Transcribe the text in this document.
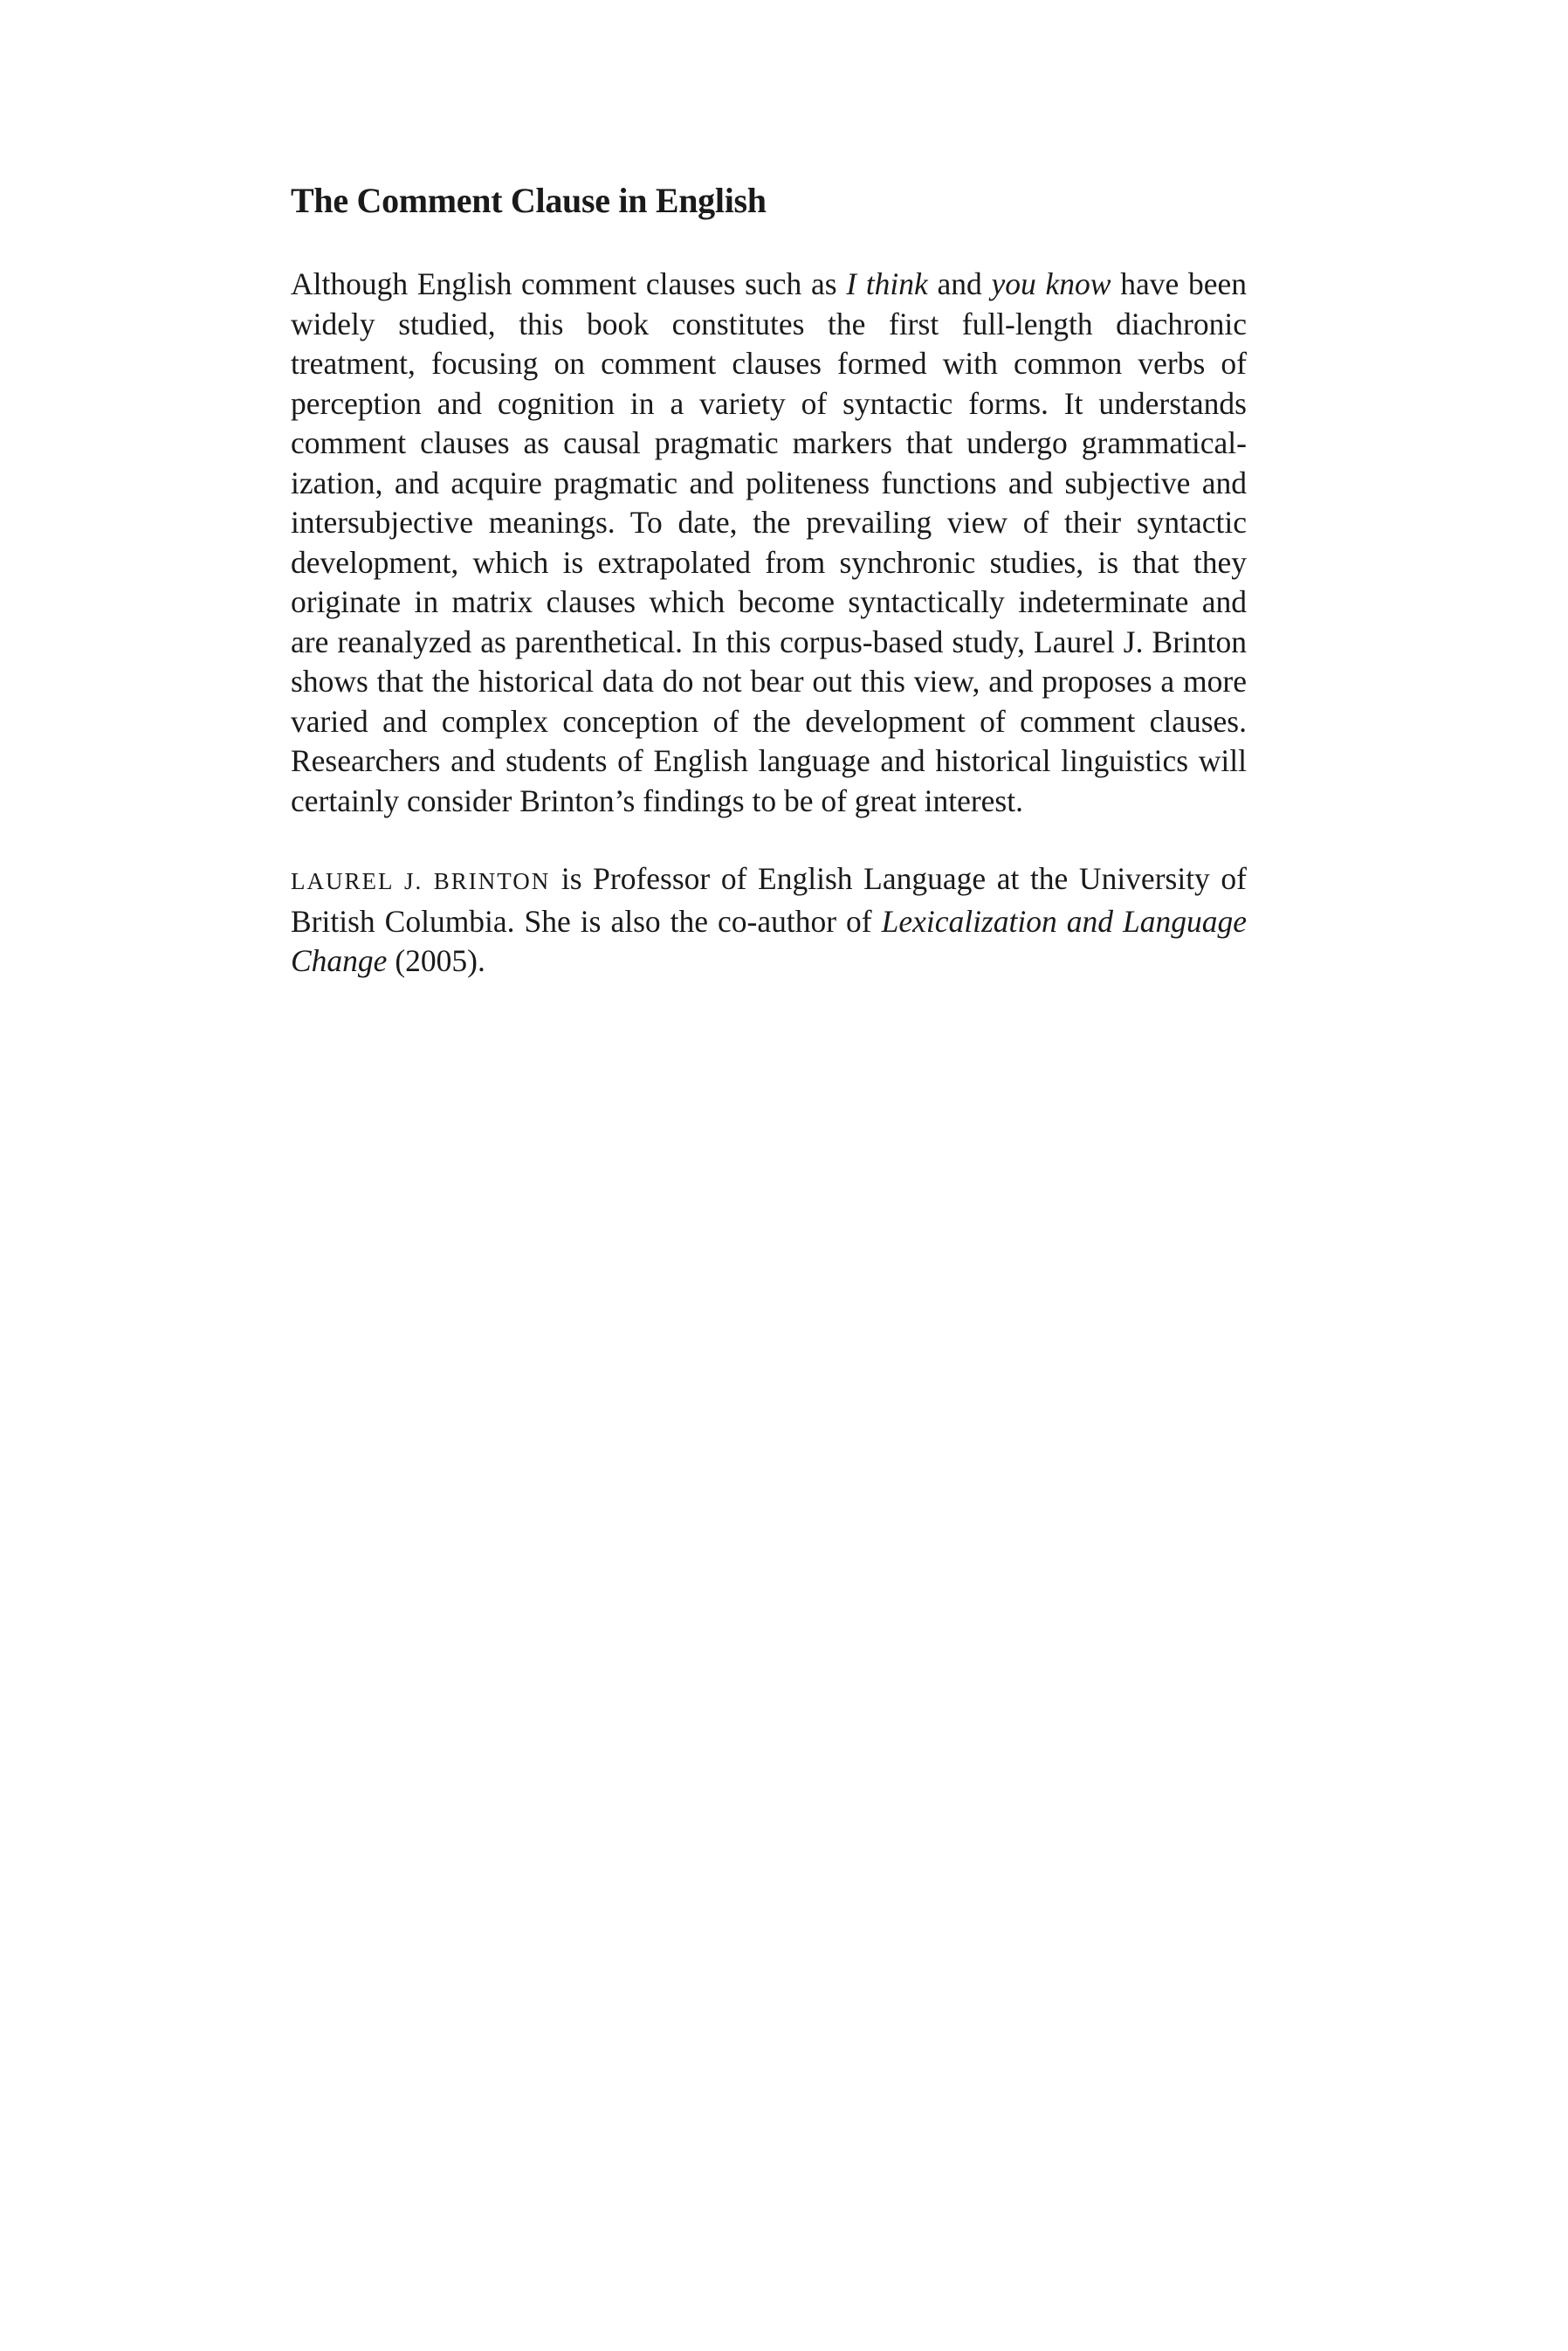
The Comment Clause in English

Although English comment clauses such as I think and you know have been widely studied, this book constitutes the first full-length diachronic treatment, focusing on comment clauses formed with common verbs of perception and cognition in a variety of syntactic forms. It understands comment clauses as causal pragmatic markers that undergo grammaticalization, and acquire pragmatic and politeness functions and subjective and intersubjective meanings. To date, the prevailing view of their syntactic development, which is extrapolated from synchronic studies, is that they originate in matrix clauses which become syntactically indeterminate and are reanalyzed as parenthetical. In this corpus-based study, Laurel J. Brinton shows that the historical data do not bear out this view, and proposes a more varied and complex conception of the development of comment clauses. Researchers and students of English language and historical linguistics will certainly consider Brinton’s findings to be of great interest.

LAUREL J. BRINTON is Professor of English Language at the University of British Columbia. She is also the co-author of Lexicalization and Language Change (2005).
